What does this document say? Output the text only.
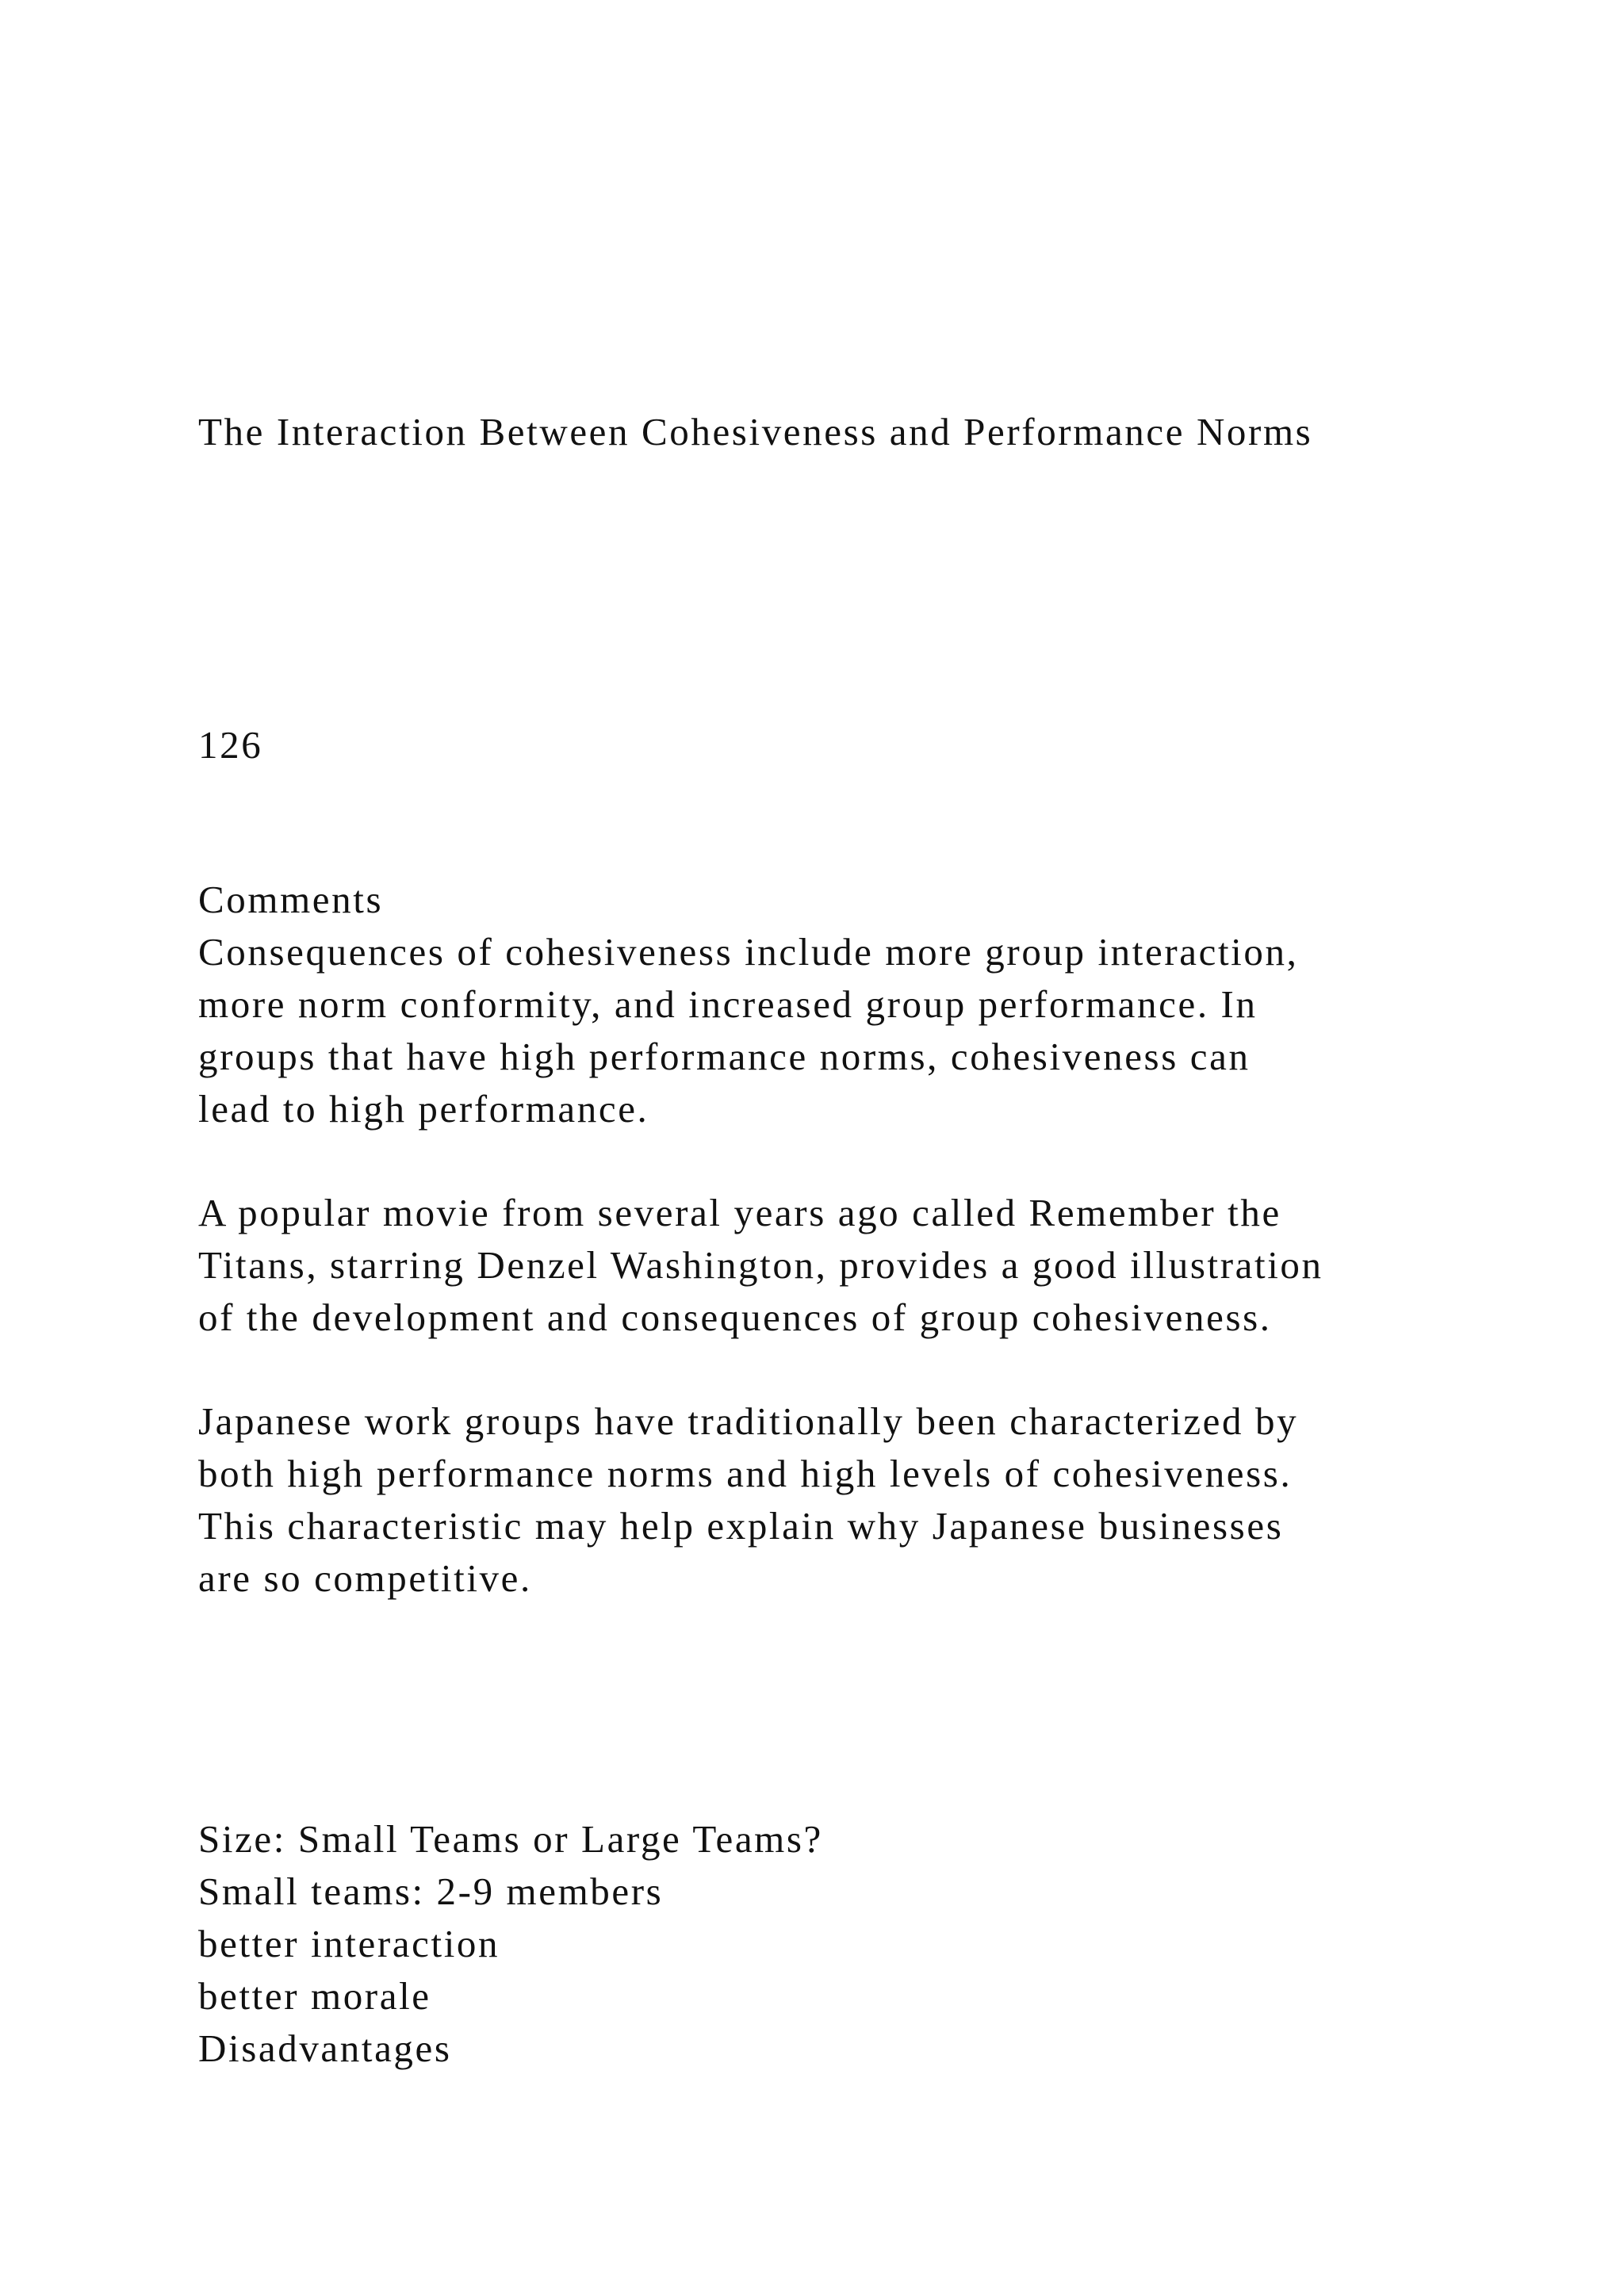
The Interaction Between Cohesiveness and Performance Norms

126

Comments
Consequences of cohesiveness include more group interaction,
more norm conformity, and increased group performance. In
groups that have high performance norms, cohesiveness can
lead to high performance.
A popular movie from several years ago called Remember the
Titans, starring Denzel Washington, provides a good illustration
of the development and consequences of group cohesiveness.
Japanese work groups have traditionally been characterized by
both high performance norms and high levels of cohesiveness.
This characteristic may help explain why Japanese businesses
are so competitive.
Size: Small Teams or Large Teams?
Small teams: 2-9 members
better interaction
better morale
Disadvantages
